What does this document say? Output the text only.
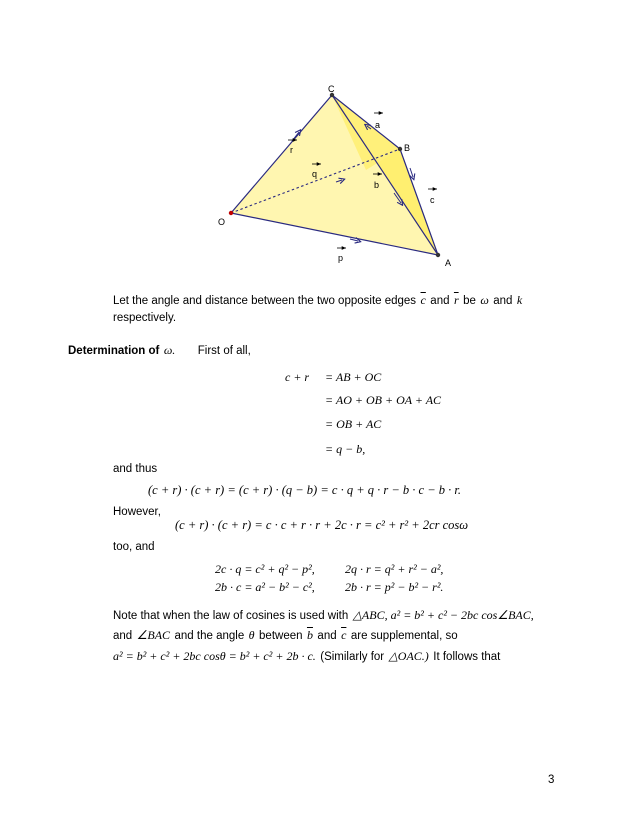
C
B
O
A
a
r
q
b
c
p
Let the angle and distance between the two opposite edges $\overline{c}$ and $\overline{r}$ be ω and k
respectively.
Determination of ω. First of all,
c + r = AB + OC
= AO + OB + OA + AC
= OB + AC
= q − b,
and thus
(c + r) · (c + r) = (c + r) · (q − b) = c · q + q · r − b · c − b · r.
However,
(c + r) · (c + r) = c · c + r · r + 2c · r = c² + r² + 2cr cosω
too, and
2c · q = c² + q² − p²,	2q · r = q² + r² − a²,
2b · c = a² − b² − c²,	2b · r = p² − b² − r².
Note that when the law of cosines is used with △ABC, a² = b² + c² − 2bc cos∠BAC,
and ∠BAC and the angle θ between $\overline{b}$ and $\overline{c}$ are supplemental, so
a² = b² + c² + 2bc cosθ = b² + c² + 2b · c. (Similarly for △OAC.) It follows that
3
